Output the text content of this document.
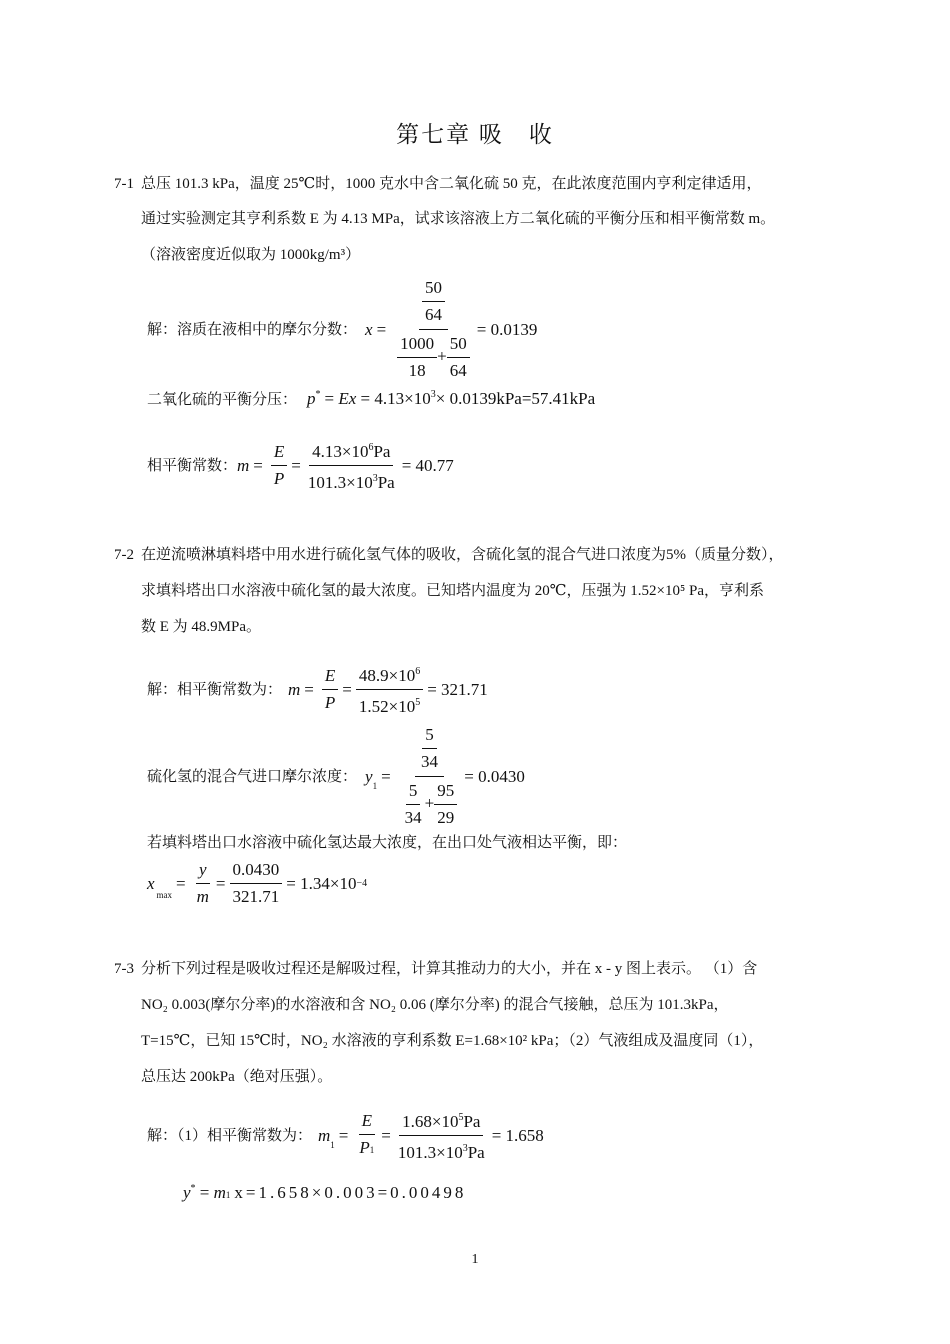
第七章 吸　收
7-1 总压 101.3 kPa，温度 25℃时，1000 克水中含二氧化硫 50 克，在此浓度范围内亨利定律适用，
通过实验测定其亨利系数 E 为 4.13 MPa，试求该溶液上方二氧化硫的平衡分压和相平衡常数 m。
（溶液密度近似取为 1000kg/m³）
解：溶质在液相中的摩尔分数： $x = \frac{\frac{50}{64}}{\frac{1000}{18} + \frac{50}{64}} = 0.0139$
二氧化硫的平衡分压： $p^* = Ex = 4.13\times 10^3\times 0.0139kPa=57.41kPa$
相平衡常数： $m = \frac{E}{P} = \frac{4.13\times 10^6Pa}{101.3\times 10^3Pa} = 40.77$
7-2 在逆流喷淋填料塔中用水进行硫化氢气体的吸收，含硫化氢的混合气进口浓度为5%（质量分数），
求填料塔出口水溶液中硫化氢的最大浓度。已知塔内温度为 20℃，压强为 1.52×10⁵ Pa，亨利系
数 E 为 48.9MPa。
解：相平衡常数为： $m = \frac{E}{P} = \frac{48.9\times 10^6}{1.52\times 10^5} = 321.71$
硫化氢的混合气进口摩尔浓度： y $1 = \frac{\frac{5}{34}}{\frac{5}{34} + \frac{95}{29}} = 0.0430$
若填料塔出口水溶液中硫化氢达最大浓度，在出口处气液相达平衡，即：
x
max
= $\frac{y}{m} = \frac{0.0430}{321.71} = 1.34\times 10 -4$
7-3 分析下列过程是吸收过程还是解吸过程，计算其推动力的大小，并在 x - y 图上表示。 （1）含
NO₂ 0.003(摩尔分率)的水溶液和含 NO₂ 0.06 (摩尔分率) 的混合气接触，总压为 101.3kPa，
T=15℃，已知 15℃时，NO₂ 水溶液的亨利系数 E=1.68×10² kPa；（2）气液组成及温度同（1），
总压达 200kPa（绝对压强）。
解：（1）相平衡常数为： m $1 = \frac{E}{P1} = \frac{1.68\times 10^5Pa}{101.3\times 10^3Pa} = 1.658$
y* = m1 x=1.658×0.003=0.00498
1
